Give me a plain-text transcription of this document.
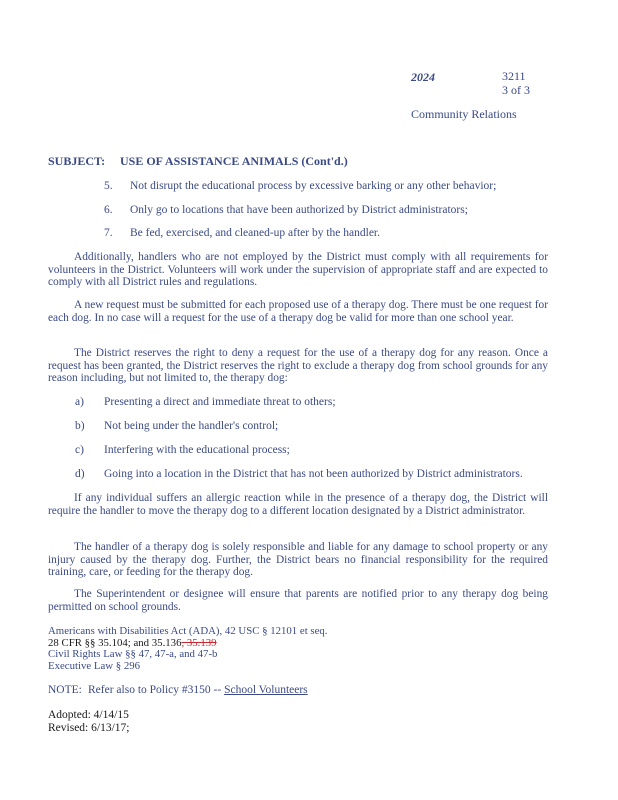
2024	3211
3 of 3
Community Relations
SUBJECT: USE OF ASSISTANCE ANIMALS (Cont'd.)
5. Not disrupt the educational process by excessive barking or any other behavior;
6. Only go to locations that have been authorized by District administrators;
7. Be fed, exercised, and cleaned-up after by the handler.
Additionally, handlers who are not employed by the District must comply with all requirements for volunteers in the District. Volunteers will work under the supervision of appropriate staff and are expected to comply with all District rules and regulations.
A new request must be submitted for each proposed use of a therapy dog. There must be one request for each dog. In no case will a request for the use of a therapy dog be valid for more than one school year.
The District reserves the right to deny a request for the use of a therapy dog for any reason. Once a request has been granted, the District reserves the right to exclude a therapy dog from school grounds for any reason including, but not limited to, the therapy dog:
a) Presenting a direct and immediate threat to others;
b) Not being under the handler's control;
c) Interfering with the educational process;
d) Going into a location in the District that has not been authorized by District administrators.
If any individual suffers an allergic reaction while in the presence of a therapy dog, the District will require the handler to move the therapy dog to a different location designated by a District administrator.
The handler of a therapy dog is solely responsible and liable for any damage to school property or any injury caused by the therapy dog. Further, the District bears no financial responsibility for the required training, care, or feeding for the therapy dog.
The Superintendent or designee will ensure that parents are notified prior to any therapy dog being permitted on school grounds.
Americans with Disabilities Act (ADA), 42 USC § 12101 et seq.
28 CFR §§ 35.104; and 35.136, 35.139
Civil Rights Law §§ 47, 47-a, and 47-b
Executive Law § 296
NOTE: Refer also to Policy #3150 -- School Volunteers
Adopted: 4/14/15
Revised: 6/13/17;
